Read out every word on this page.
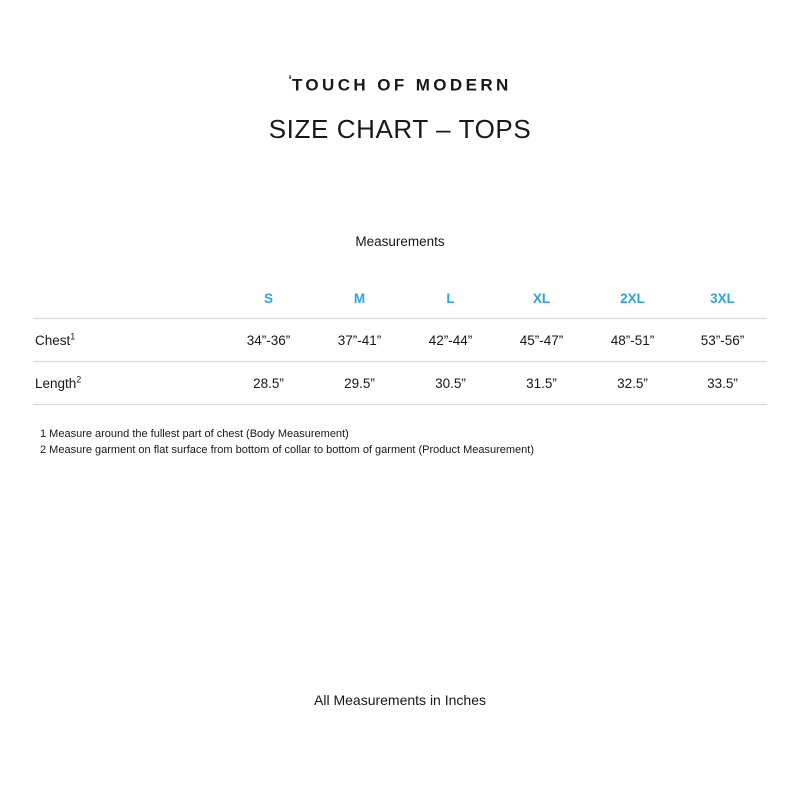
‘TOUCH OF MODERN
SIZE CHART – TOPS
Measurements
	S	M	L	XL	2XL	3XL
Chest$^1$	34”-36”	37”-41”	42”-44”	45”-47”	48”-51”	53”-56”
Length$^2$	28.5”	29.5”	30.5”	31.5”	32.5”	33.5”
1 Measure around the fullest part of chest (Body Measurement)
2 Measure garment on flat surface from bottom of collar to bottom of garment (Product Measurement)
All Measurements in Inches
